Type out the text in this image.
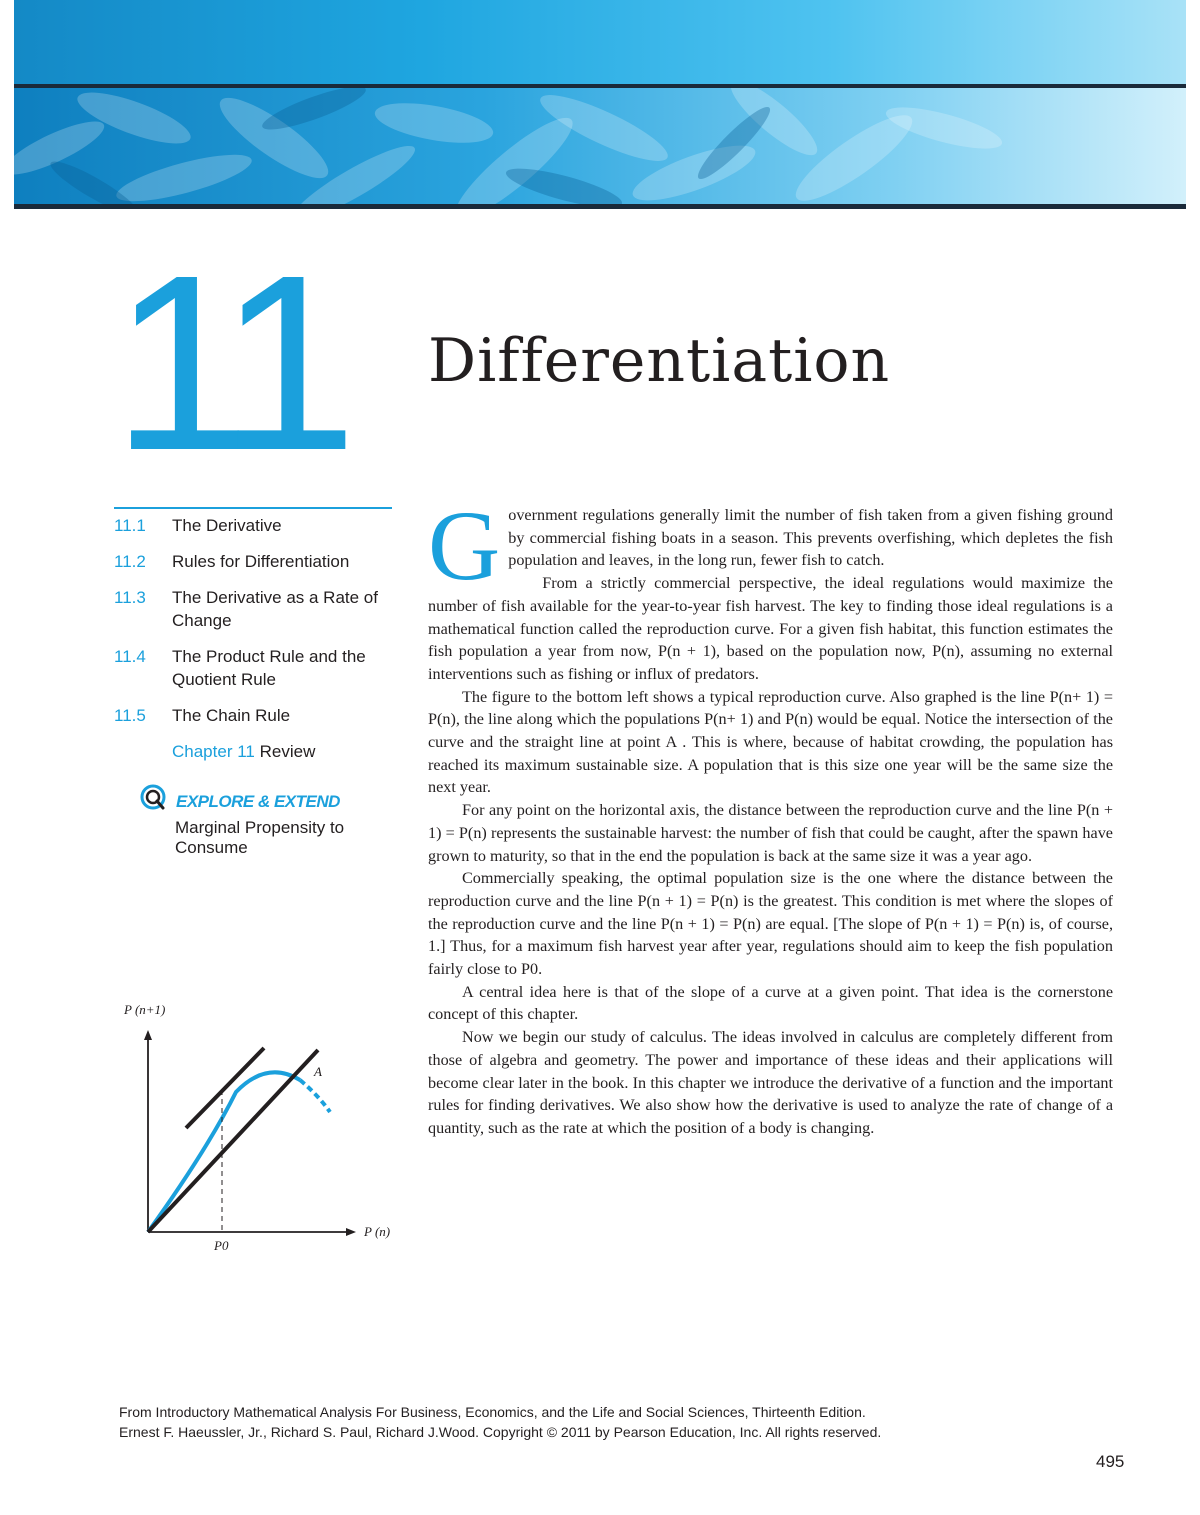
11 Differentiation
11.1	The Derivative
11.2	Rules for Differentiation
11.3	The Derivative as a Rate of Change
11.4	The Product Rule and the Quotient Rule
11.5	The Chain Rule
Chapter 11 Review
EXPLORE & EXTEND
Marginal Propensity to Consume
P (n+1)
P (n)
A
P0

Government regulations generally limit the number of fish taken from a given fishing ground by commercial fishing boats in a season. This prevents overfishing, which depletes the fish population and leaves, in the long run, fewer fish to catch.

From a strictly commercial perspective, the ideal regulations would maximize the number of fish available for the year-to-year fish harvest. The key to finding those ideal regulations is a mathematical function called the reproduction curve. For a given fish habitat, this function estimates the fish population a year from now, P(n + 1), based on the population now, P(n), assuming no external interventions such as fishing or influx of predators.

The figure to the bottom left shows a typical reproduction curve. Also graphed is the line P(n+ 1) = P(n), the line along which the populations P(n+ 1) and P(n) would be equal. Notice the intersection of the curve and the straight line at point A . This is where, because of habitat crowding, the population has reached its maximum sustainable size. A population that is this size one year will be the same size the next year.

For any point on the horizontal axis, the distance between the reproduction curve and the line P(n + 1) = P(n) represents the sustainable harvest: the number of fish that could be caught, after the spawn have grown to maturity, so that in the end the population is back at the same size it was a year ago.

Commercially speaking, the optimal population size is the one where the distance between the reproduction curve and the line P(n + 1) = P(n) is the greatest. This condition is met where the slopes of the reproduction curve and the line P(n + 1) = P(n) are equal. [The slope of P(n + 1) = P(n) is, of course, 1.] Thus, for a maximum fish harvest year after year, regulations should aim to keep the fish population fairly close to P0.

A central idea here is that of the slope of a curve at a given point. That idea is the cornerstone concept of this chapter.

Now we begin our study of calculus. The ideas involved in calculus are completely different from those of algebra and geometry. The power and importance of these ideas and their applications will become clear later in the book. In this chapter we introduce the derivative of a function and the important rules for finding derivatives. We also show how the derivative is used to analyze the rate of change of a quantity, such as the rate at which the position of a body is changing.

From Introductory Mathematical Analysis For Business, Economics, and the Life and Social Sciences, Thirteenth Edition.
Ernest F. Haeussler, Jr., Richard S. Paul, Richard J.Wood. Copyright © 2011 by Pearson Education, Inc. All rights reserved.
495
